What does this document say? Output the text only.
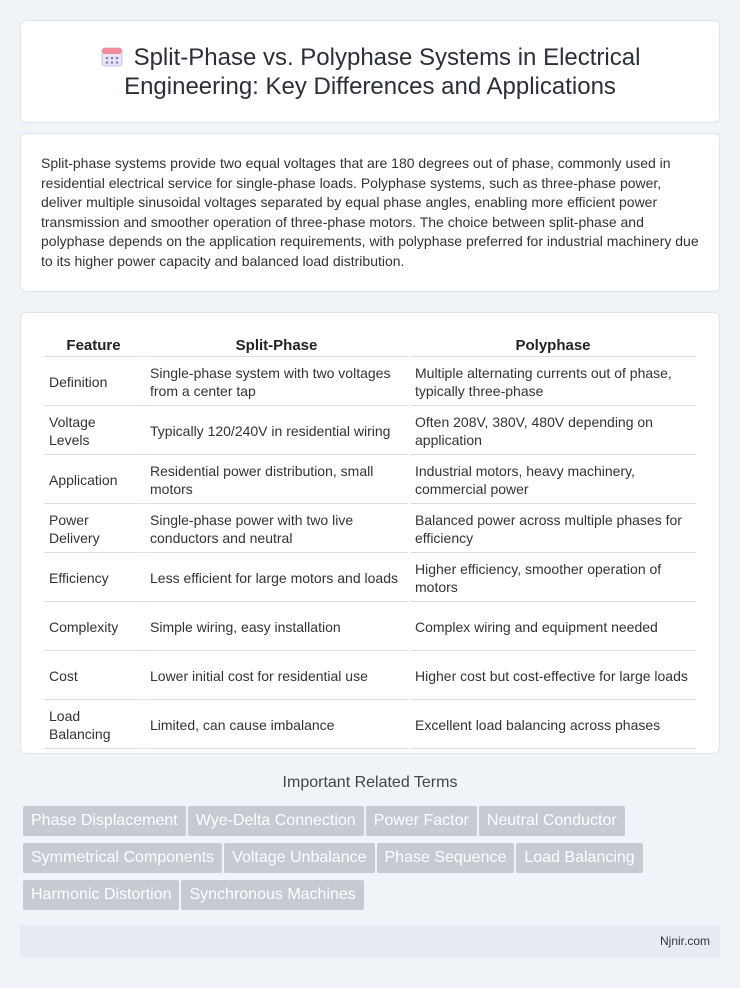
Split-Phase vs. Polyphase Systems in Electrical Engineering: Key Differences and Applications

Split-phase systems provide two equal voltages that are 180 degrees out of phase, commonly used in residential electrical service for single-phase loads. Polyphase systems, such as three-phase power, deliver multiple sinusoidal voltages separated by equal phase angles, enabling more efficient power transmission and smoother operation of three-phase motors. The choice between split-phase and polyphase depends on the application requirements, with polyphase preferred for industrial machinery due to its higher power capacity and balanced load distribution.

Feature	Split-Phase	Polyphase
Definition	Single-phase system with two voltages from a center tap	Multiple alternating currents out of phase, typically three-phase
Voltage Levels	Typically 120/240V in residential wiring	Often 208V, 380V, 480V depending on application
Application	Residential power distribution, small motors	Industrial motors, heavy machinery, commercial power
Power Delivery	Single-phase power with two live conductors and neutral	Balanced power across multiple phases for efficiency
Efficiency	Less efficient for large motors and loads	Higher efficiency, smoother operation of motors
Complexity	Simple wiring, easy installation	Complex wiring and equipment needed
Cost	Lower initial cost for residential use	Higher cost but cost-effective for large loads
Load Balancing	Limited, can cause imbalance	Excellent load balancing across phases
Important Related Terms
Phase Displacement Wye-Delta Connection Power Factor Neutral Conductor
Symmetrical Components Voltage Unbalance Phase Sequence Load Balancing
Harmonic Distortion Synchronous Machines
Njnir.com
